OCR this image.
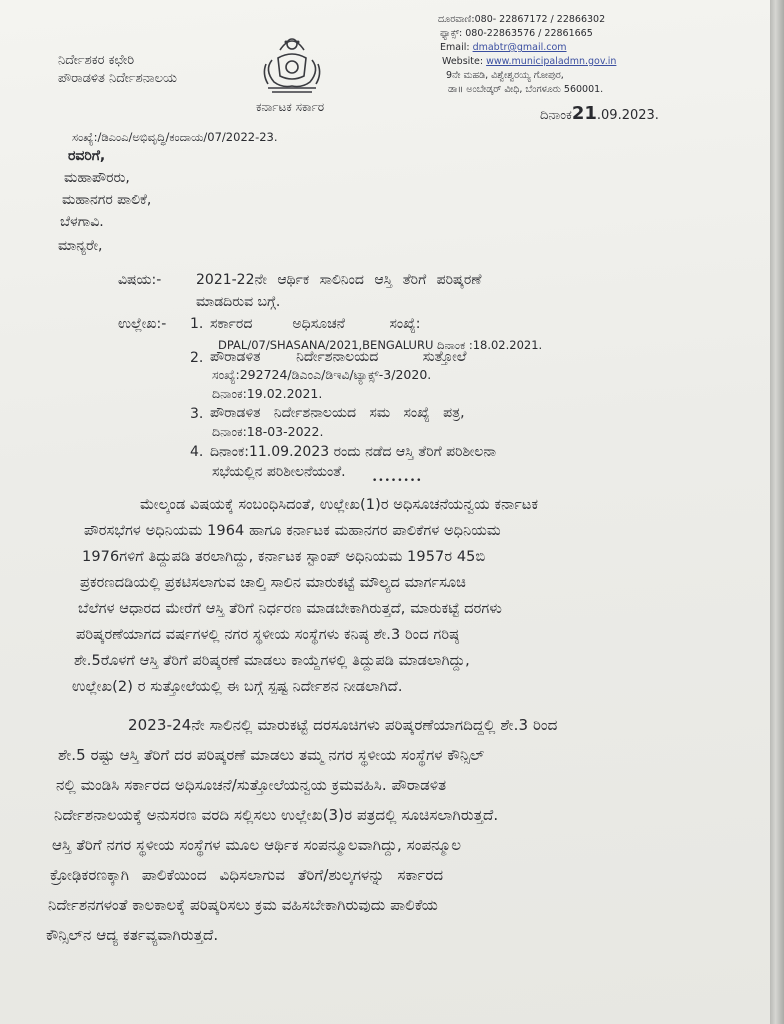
ನಿರ್ದೇಶಕರ ಕಛೇರಿ
ಪೌರಾಡಳಿತ ನಿರ್ದೇಶನಾಲಯ
ಕರ್ನಾಟಕ ಸರ್ಕಾರ
ದೂರವಾಣಿ:080- 22867172 / 22866302
ಫ್ಯಾಕ್ಸ್: 080-22863576 / 22861665
Email: dmabtr@gmail.com
Website: www.municipaladmn.gov.in
9ನೇ ಮಹಡಿ, ವಿಶ್ವೇಶ್ವರಯ್ಯ ಗೋಪುರ,
ಡಾ॥ ಅಂಬೇಡ್ಕರ್ ವೀಧಿ, ಬೆಂಗಳೂರು 560001.
ಸಂಖ್ಯೆ:/ಡಿಎಂಎ/ಅಭಿವೃದ್ಧಿ/ಕಂದಾಯ/07/2022-23.
ದಿನಾಂಕ21.09.2023.
ರವರಿಗೆ,
ಮಹಾಪೌರರು,
ಮಹಾನಗರ ಪಾಲಿಕೆ,
ಬೆಳಗಾವಿ.
ಮಾನ್ಯರೇ,
ವಿಷಯ:- 2021-22ನೇ ಆರ್ಥಿಕ ಸಾಲಿನಿಂದ ಆಸ್ತಿ ತೆರಿಗೆ ಪರಿಷ್ಕರಣೆ
ಮಾಡದಿರುವ ಬಗ್ಗೆ.
ಉಲ್ಲೇಖ:- 1. ಸರ್ಕಾರದ         ಅಧಿಸೂಚನೆ          ಸಂಖ್ಯೆ:
DPAL/07/SHASANA/2021,BENGALURU ದಿನಾಂಕ :18.02.2021.
2. ಪೌರಾಡಳಿತ        ನಿರ್ದೇಶನಾಲಯದ          ಸುತ್ತೋಲೆ
ಸಂಖ್ಯೆ:292724/ಡಿಎಂಎ/ಡಿಇವಿ/ಟ್ಯಾಕ್ಸ್-3/2020.
ದಿನಾಂಕ:19.02.2021.
3. ಪೌರಾಡಳಿತ   ನಿರ್ದೇಶನಾಲಯದ   ಸಮ   ಸಂಖ್ಯೆ   ಪತ್ರ,
ದಿನಾಂಕ:18-03-2022.
4. ದಿನಾಂಕ:11.09.2023 ರಂದು ನಡೆದ ಆಸ್ತಿ ತೆರಿಗೆ ಪರಿಶೀಲನಾ
ಸಭೆಯಲ್ಲಿನ ಪರಿಶೀಲನೆಯಂತೆ.
••••••••
ಮೇಲ್ಕಂಡ ವಿಷಯಕ್ಕೆ ಸಂಬಂಧಿಸಿದಂತೆ, ಉಲ್ಲೇಖ(1)ರ ಅಧಿಸೂಚನೆಯನ್ವಯ ಕರ್ನಾಟಕ
ಪೌರಸಭೆಗಳ ಅಧಿನಿಯಮ 1964 ಹಾಗೂ ಕರ್ನಾಟಕ ಮಹಾನಗರ ಪಾಲಿಕೆಗಳ ಅಧಿನಿಯಮ
1976ಗಳಿಗೆ ತಿದ್ದುಪಡಿ ತರಲಾಗಿದ್ದು, ಕರ್ನಾಟಕ ಸ್ಟಾಂಪ್ ಅಧಿನಿಯಮ 1957ರ 45ಬಿ
ಪ್ರಕರಣದಡಿಯಲ್ಲಿ ಪ್ರಕಟಿಸಲಾಗುವ ಚಾಲ್ತಿ ಸಾಲಿನ ಮಾರುಕಟ್ಟೆ ಮೌಲ್ಯದ ಮಾರ್ಗಸೂಚಿ
ಬೆಲೆಗಳ ಆಧಾರದ ಮೇರೆಗೆ ಆಸ್ತಿ ತೆರಿಗೆ ನಿರ್ಧರಣ ಮಾಡಬೇಕಾಗಿರುತ್ತದೆ, ಮಾರುಕಟ್ಟೆ ದರಗಳು
ಪರಿಷ್ಕರಣೆಯಾಗದ ವರ್ಷಗಳಲ್ಲಿ ನಗರ ಸ್ಥಳೀಯ ಸಂಸ್ಥೆಗಳು ಕನಿಷ್ಠ ಶೇ.3 ರಿಂದ ಗರಿಷ್ಠ
ಶೇ.5ರೊಳಗೆ ಆಸ್ತಿ ತೆರಿಗೆ ಪರಿಷ್ಕರಣೆ ಮಾಡಲು ಕಾಯ್ದೆಗಳಲ್ಲಿ ತಿದ್ದುಪಡಿ ಮಾಡಲಾಗಿದ್ದು,
ಉಲ್ಲೇಖ(2) ರ ಸುತ್ತೋಲೆಯಲ್ಲಿ ಈ ಬಗ್ಗೆ ಸ್ಪಷ್ಟ ನಿರ್ದೇಶನ ನೀಡಲಾಗಿದೆ.
2023-24ನೇ ಸಾಲಿನಲ್ಲಿ ಮಾರುಕಟ್ಟೆ ದರಸೂಚಿಗಳು ಪರಿಷ್ಕರಣೆಯಾಗದಿದ್ದಲ್ಲಿ ಶೇ.3 ರಿಂದ
ಶೇ.5 ರಷ್ಟು ಆಸ್ತಿ ತೆರಿಗೆ ದರ ಪರಿಷ್ಕರಣೆ ಮಾಡಲು ತಮ್ಮ ನಗರ ಸ್ಥಳೀಯ ಸಂಸ್ಥೆಗಳ ಕೌನ್ಸಿಲ್
ನಲ್ಲಿ ಮಂಡಿಸಿ ಸರ್ಕಾರದ ಅಧಿಸೂಚನೆ/ಸುತ್ತೋಲೆಯನ್ವಯ ಕ್ರಮವಹಿಸಿ. ಪೌರಾಡಳಿತ
ನಿರ್ದೇಶನಾಲಯಕ್ಕೆ ಅನುಸರಣ ವರದಿ ಸಲ್ಲಿಸಲು ಉಲ್ಲೇಖ(3)ರ ಪತ್ರದಲ್ಲಿ ಸೂಚಿಸಲಾಗಿರುತ್ತದೆ.
ಆಸ್ತಿ ತೆರಿಗೆ ನಗರ ಸ್ಥಳೀಯ ಸಂಸ್ಥೆಗಳ ಮೂಲ ಆರ್ಥಿಕ ಸಂಪನ್ಮೂಲವಾಗಿದ್ದು, ಸಂಪನ್ಮೂಲ
ಕ್ರೋಢಿಕರಣಕ್ಕಾಗಿ ಪಾಲಿಕೆಯಿಂದ ವಿಧಿಸಲಾಗುವ ತೆರಿಗೆ/ಶುಲ್ಕಗಳನ್ನು ಸರ್ಕಾರದ
ನಿರ್ದೇಶನಗಳಂತೆ ಕಾಲಕಾಲಕ್ಕೆ ಪರಿಷ್ಕರಿಸಲು ಕ್ರಮ ವಹಿಸಬೇಕಾಗಿರುವುದು ಪಾಲಿಕೆಯ
ಕೌನ್ಸಿಲ್‌ನ ಆದ್ಯ ಕರ್ತವ್ಯವಾಗಿರುತ್ತದೆ.
